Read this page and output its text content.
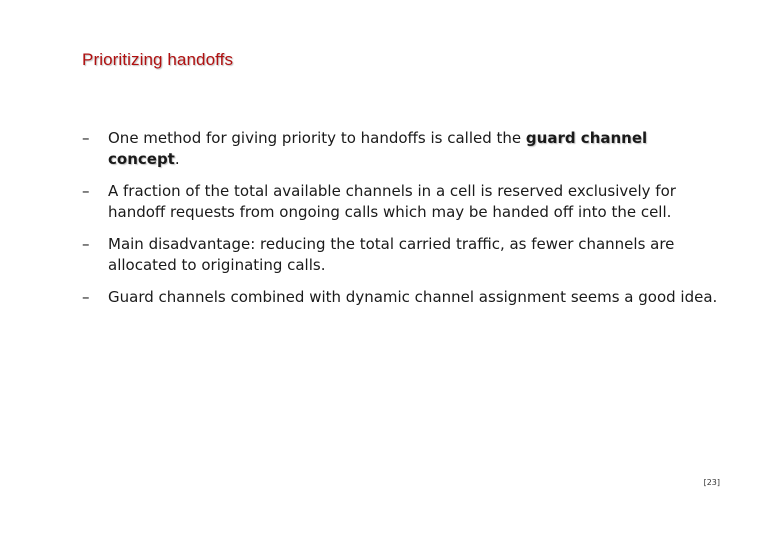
Prioritizing handoffs
– One method for giving priority to handoffs is called the guard channel concept.
– A fraction of the total available channels in a cell is reserved exclusively for handoff requests from ongoing calls which may be handed off into the cell.
– Main disadvantage: reducing the total carried traffic, as fewer channels are allocated to originating calls.
– Guard channels combined with dynamic channel assignment seems a good idea.
[23]
